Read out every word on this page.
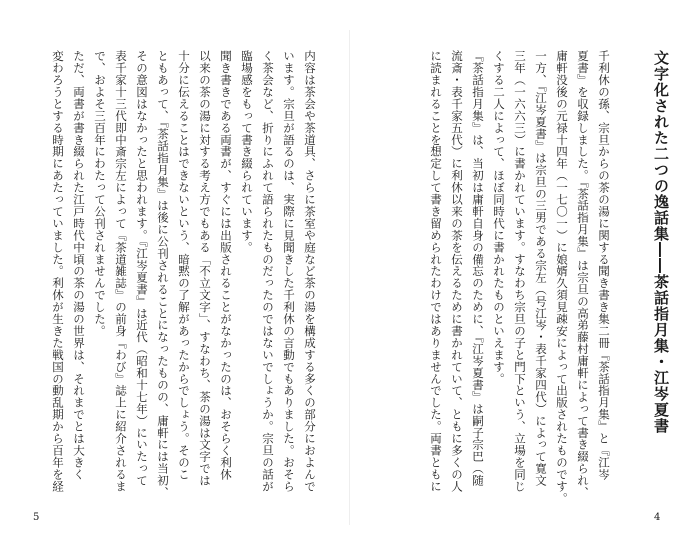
文字化された二つの逸話集――茶話指月集・江岑夏書
千利休の孫、宗旦からの茶の湯に関する聞き書き集二冊『茶話指月集』と『江岑
夏書』を収録しました。『茶話指月集』は宗旦の高弟藤村庸軒によって書き綴られ、
庸軒没後の元禄十四年（一七〇一）に娘婿久須見疎安によって出版されたものです。
一方、『江岑夏書』は宗旦の三男である宗左（号江岑・表千家四代）によって寛文
三年（一六六三）に書かれています。すなわち宗旦の子と門下という、立場を同じ
くする二人によって、ほぼ同時代に書かれたものといえます。
『茶話指月集』は、当初は庸軒自身の備忘のために、『江岑夏書』は嗣子宗巴（随
流斎・表千家五代）に利休以来の茶を伝えるために書かれていて、ともに多くの人
に読まれることを想定して書き留められたわけではありませんでした。両書ともに
内容は茶会や茶道具、さらに茶室や庭など茶の湯を構成する多くの部分におよんで
います。宗旦が語るのは、実際に見聞きした千利休の言動でもありました。おそら
く茶会など、折りにふれて語られたものだったのではないでしょうか。宗旦の話が
臨場感をもって書き綴られています。
聞き書きである両書が、すぐには出版されることがなかったのは、おそらく利休
以来の茶の湯に対する考え方でもある「不立文字」、すなわち、茶の湯は文字では
十分に伝えることはできないという、暗黙の了解があったからでしょう。そのこ
ともあって、『茶話指月集』は後に公刊されることになったものの、庸軒には当初、
その意図はなかったと思われます。『江岑夏書』は近代（昭和十七年）にいたって
表千家十三代即中斎宗左によって『茶道雑誌』の前身『わび』誌上に紹介されるま
で、およそ三百年にわたって公刊されませんでした。
ただ、両書が書き綴られた江戸時代中頃の茶の湯の世界は、それまでとは大きく
変わろうとする時期にあたっていました。利休が生きた戦国の動乱期から百年を経
5	4
